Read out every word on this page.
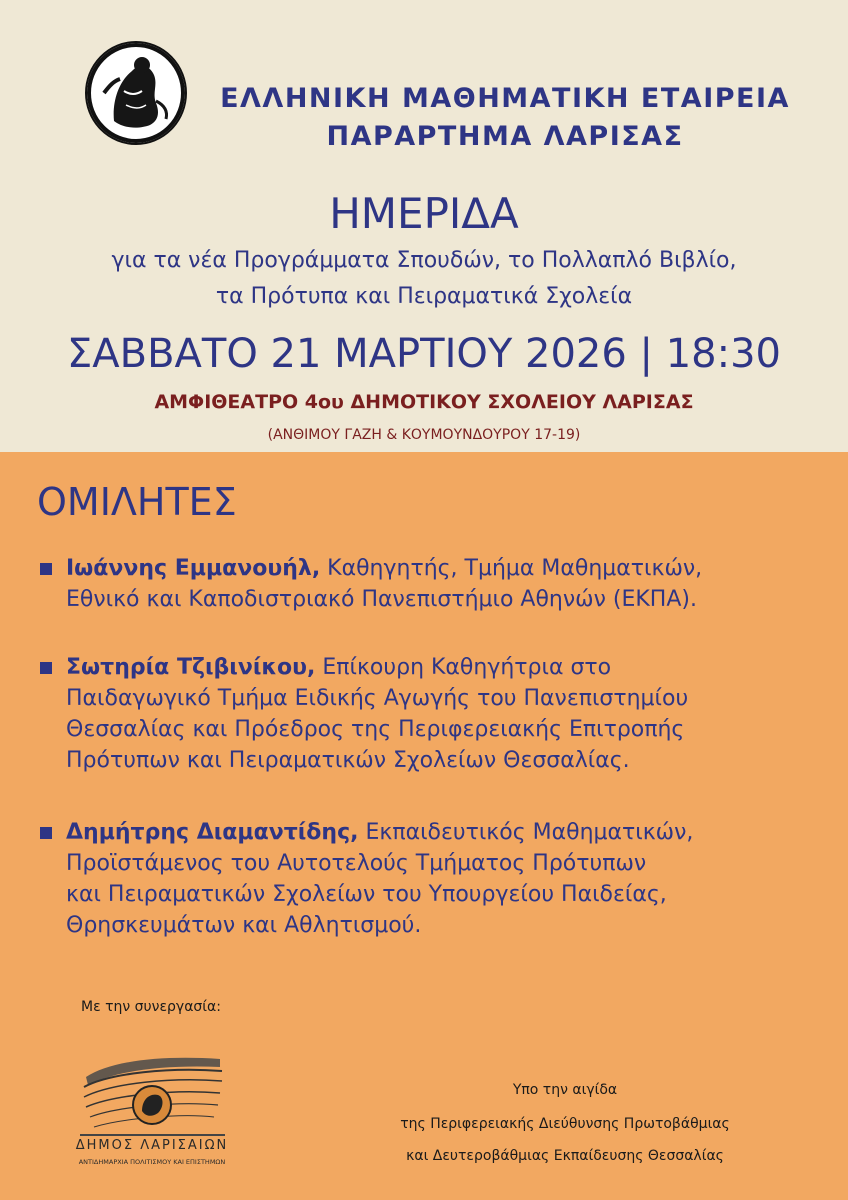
ΕΛΛΗΝΙΚΗ ΜΑΘΗΜΑΤΙΚΗ ΕΤΑΙΡΕΙΑ
ΠΑΡΑΡΤΗΜΑ ΛΑΡΙΣΑΣ
ΗΜΕΡΙΔΑ
για τα νέα Προγράμματα Σπουδών, το Πολλαπλό Βιβλίο,
τα Πρότυπα και Πειραματικά Σχολεία
ΣΑΒΒΑΤΟ 21 ΜΑΡΤΙΟΥ 2026 | 18:30
ΑΜΦΙΘΕΑΤΡΟ 4ου ΔΗΜΟΤΙΚΟΥ ΣΧΟΛΕΙΟΥ ΛΑΡΙΣΑΣ
(ΑΝΘΙΜΟΥ ΓΑΖΗ & ΚΟΥΜΟΥΝΔΟΥΡΟΥ 17-19)
ΟΜΙΛΗΤΕΣ
Ιωάννης Εμμανουήλ, Καθηγητής, Τμήμα Μαθηματικών,
Εθνικό και Καποδιστριακό Πανεπιστήμιο Αθηνών (ΕΚΠΑ).
Σωτηρία Τζιβινίκου, Επίκουρη Καθηγήτρια στο
Παιδαγωγικό Τμήμα Ειδικής Αγωγής του Πανεπιστημίου
Θεσσαλίας και Πρόεδρος της Περιφερειακής Επιτροπής
Πρότυπων και Πειραματικών Σχολείων Θεσσαλίας.
Δημήτρης Διαμαντίδης, Εκπαιδευτικός Μαθηματικών,
Προϊστάμενος του Αυτοτελούς Τμήματος Πρότυπων
και Πειραματικών Σχολείων του Υπουργείου Παιδείας,
Θρησκευμάτων και Αθλητισμού.
Με την συνεργασία:
ΔΗΜΟΣ ΛΑΡΙΣΑΙΩΝ
ΑΝΤΙΔΗΜΑΡΧΙΑ ΠΟΛΙΤΙΣΜΟΥ ΚΑΙ ΕΠΙΣΤΗΜΩΝ
Υπο την αιγίδα
της Περιφερειακής Διεύθυνσης Πρωτοβάθμιας
και Δευτεροβάθμιας Εκπαίδευσης Θεσσαλίας
